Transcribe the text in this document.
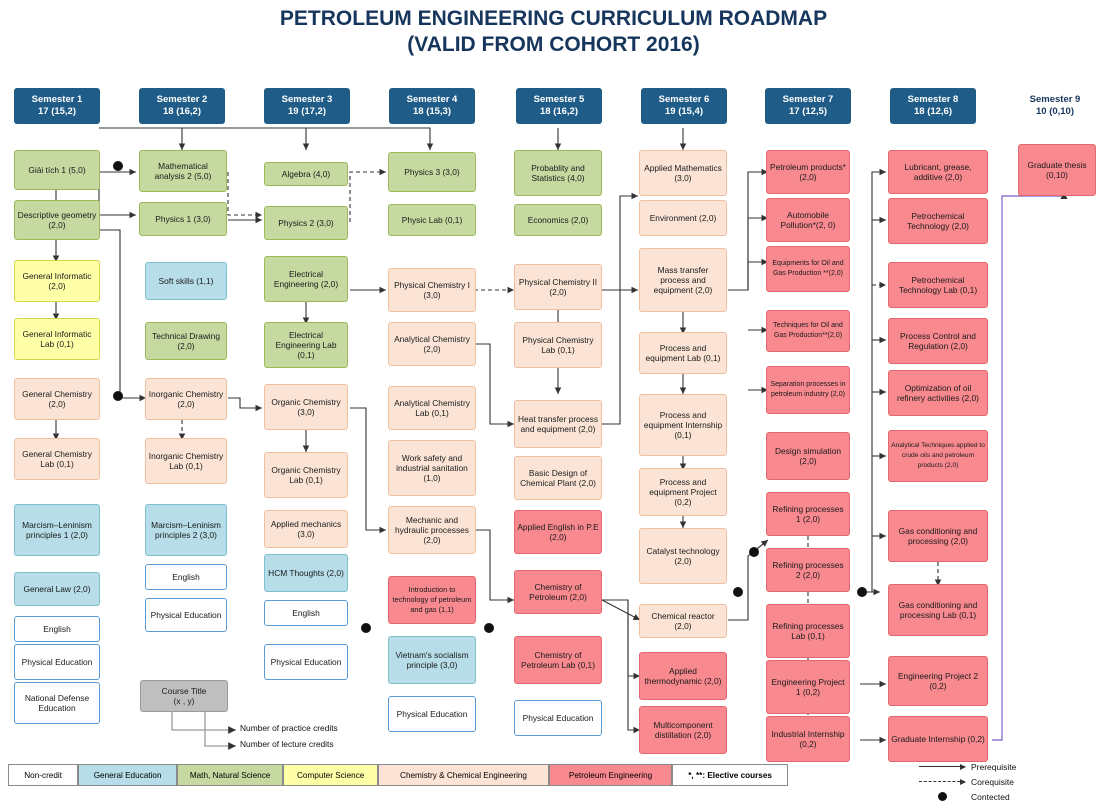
PETROLEUM ENGINEERING CURRICULUM ROADMAP
(VALID FROM COHORT 2016)
Semester 1
17 (15,2)
Semester 2
18 (16,2)
Semester 3
19 (17,2)
Semester 4
18 (15,3)
Semester 5
18 (16,2)
Semester 6
19 (15,4)
Semester 7
17 (12,5)
Semester 8
18 (12,6)
Semester 9
10 (0,10)
Giải tích 1 (5,0)
Descriptive geometry (2,0)
General Informatic (2,0)
General Informatic Lab (0,1)
General Chemistry (2,0)
General Chemistry Lab (0,1)
Marcism–Leninism principles 1 (2,0)
General Law (2,0)
English
Physical Education
National Defense Education
Mathematical analysis 2 (5,0)
Physics 1 (3,0)
Soft skills (1,1)
Technical Drawing (2,0)
Inorganic Chemistry (2,0)
Inorganic Chemistry Lab (0,1)
Marcism–Leninism principles 2 (3,0)
English
Physical Education
Algebra (4,0)
Physics 2 (3,0)
Electrical Engineering (2,0)
Electrical Engineering Lab (0,1)
Organic Chemistry (3,0)
Organic Chemistry Lab (0,1)
Applied mechanics (3,0)
HCM Thoughts (2,0)
English
Physical Education
Physics 3 (3,0)
Physic Lab (0,1)
Physical Chemistry I (3,0)
Analytical Chemistry (2,0)
Analytical Chemistry Lab (0,1)
Work safety and industrial sanitation (1,0)
Mechanic and hydraulic processes (2,0)
Introduction to technology of petroleum and gas (1,1)
Vietnam's socialism principle (3,0)
Physical Education
Probablity and Statistics (4,0)
Economics (2,0)
Physical Chemistry II (2,0)
Physical Chemistry Lab (0,1)
Heat transfer process and equipment (2,0)
Basic Design of Chemical Plant (2,0)
Applied English in P.E (2,0)
Chemistry of Petroleum (2,0)
Chemistry of Petroleum Lab (0,1)
Physical Education
Applied Mathematics (3,0)
Environment (2,0)
Mass transfer process and equipment (2,0)
Process and equipment Lab (0,1)
Process and equipment Internship (0,1)
Process and equipment Project (0,2)
Catalyst technology (2,0)
Chemical reactor (2,0)
Applied thermodynamic (2,0)
Multicomponent distillation (2,0)
Petroleum products* (2,0)
Automobile Pollution*(2, 0)
Equipments for Oil and Gas Production **(2,0)
Techniques for Oil and Gas Production**(2,0)
Separation processes in petroleum industry (2,0)
Design simulation (2,0)
Refining processes 1 (2,0)
Refining processes 2 (2,0)
Refining processes Lab (0,1)
Engineering Project 1 (0,2)
Industrial Internship (0,2)
Lubricant, grease, additive (2,0)
Petrochemical Technology (2,0)
Petrochemical Technology Lab (0,1)
Process Control and Regulation (2,0)
Optimization of oil refinery activities (2,0)
Analytical Techniques applied to crude oils and petroleum products (2,0)
Gas conditioning and processing (2,0)
Gas conditioning and processing Lab (0,1)
Engineering Project 2 (0,2)
Graduate Internship (0,2)
Graduate thesis (0,10)
Course Title
(x , y)
Number of practice credits
Number of lecture credits
Non-credit	General Education	Math, Natural Science	Computer Science	Chemistry & Chemical Engineering	Petroleum Engineering	*, **: Elective courses
Prerequisite
Corequisite
Contected
